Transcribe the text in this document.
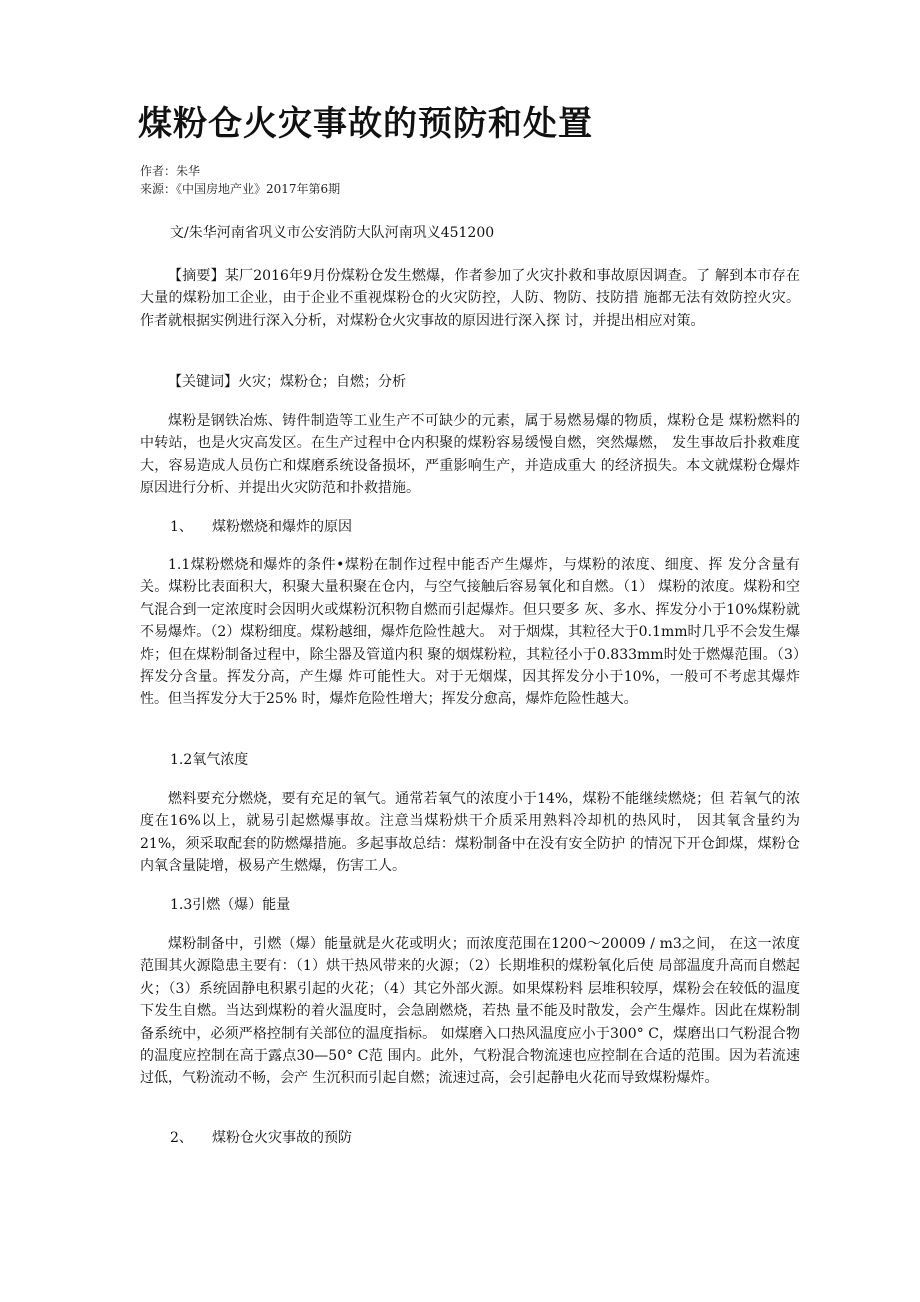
煤粉仓火灾事故的预防和处置
作者：朱华
来源：《中国房地产业》2017年第6期
文/朱华河南省巩义市公安消防大队河南巩义451200

【摘要】某厂2016年9月份煤粉仓发生燃爆，作者参加了火灾扑救和事故原因调查。了 解到本市存在大量的煤粉加工企业，由于企业不重视煤粉仓的火灾防控，人防、物防、技防措 施都无法有效防控火灾。作者就根据实例进行深入分析，对煤粉仓火灾事故的原因进行深入探 讨，并提出相应对策。

【关键词】火灾；煤粉仓；自燃；分析

煤粉是钢铁冶炼、铸件制造等工业生产不可缺少的元素，属于易燃易爆的物质，煤粉仓是 煤粉燃料的中转站，也是火灾高发区。在生产过程中仓内积聚的煤粉容易缓慢自燃，突然爆燃， 发生事故后扑救难度大，容易造成人员伤亡和煤磨系统设备损坏，严重影响生产，并造成重大 的经济损失。本文就煤粉仓爆炸原因进行分析、并提出火灾防范和扑救措施。

1、 煤粉燃烧和爆炸的原因

1.1煤粉燃烧和爆炸的条件•煤粉在制作过程中能否产生爆炸，与煤粉的浓度、细度、挥 发分含量有关。煤粉比表面积大，积聚大量积聚在仓内，与空气接触后容易氧化和自燃。（1） 煤粉的浓度。煤粉和空气混合到一定浓度时会因明火或煤粉沉积物自燃而引起爆炸。但只要多 灰、多水、挥发分小于10%煤粉就不易爆炸。（2）煤粉细度。煤粉越细，爆炸危险性越大。 对于烟煤，其粒径大于0.1mm时几乎不会发生爆炸；但在煤粉制备过程中，除尘器及管道内积 聚的烟煤粉粒，其粒径小于0.833mm时处于燃爆范围。（3）挥发分含量。挥发分高，产生爆 炸可能性大。对于无烟煤，因其挥发分小于10%，一般可不考虑其爆炸性。但当挥发分大于25% 时，爆炸危险性增大；挥发分愈高，爆炸危险性越大。

1.2氧气浓度

燃料要充分燃烧，要有充足的氧气。通常若氧气的浓度小于14%，煤粉不能继续燃烧；但 若氧气的浓度在16%以上，就易引起燃爆事故。注意当煤粉烘干介质采用熟料冷却机的热风时， 因其氧含量约为21%，须采取配套的防燃爆措施。多起事故总结：煤粉制备中在没有安全防护 的情况下开仓卸煤，煤粉仓内氧含量陡增，极易产生燃爆，伤害工人。

1.3引燃（爆）能量

煤粉制备中，引燃（爆）能量就是火花或明火；而浓度范围在1200～20009 / m3之间， 在这一浓度范围其火源隐患主要有：（1）烘干热风带来的火源；（2）长期堆积的煤粉氧化后使 局部温度升高而自燃起火；（3）系统固静电积累引起的火花；（4）其它外部火源。如果煤粉料 层堆积较厚，煤粉会在较低的温度下发生自燃。当达到煤粉的着火温度时，会急剧燃烧，若热 量不能及时散发，会产生爆炸。因此在煤粉制备系统中，必须严格控制有关部位的温度指标。 如煤磨入口热风温度应小于300° C，煤磨出口气粉混合物的温度应控制在高于露点30—50° C范 围内。此外，气粉混合物流速也应控制在合适的范围。因为若流速过低，气粉流动不畅，会产 生沉积而引起自燃；流速过高，会引起静电火花而导致煤粉爆炸。

2、 煤粉仓火灾事故的预防
